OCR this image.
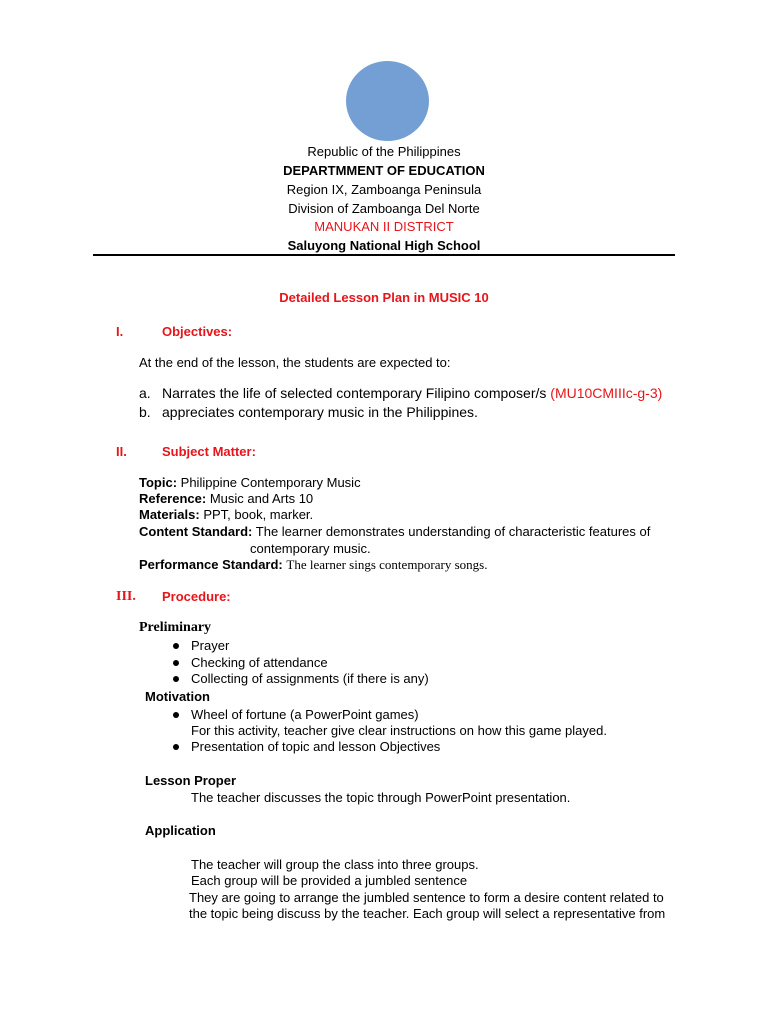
Republic of the Philippines
DEPARTMMENT OF EDUCATION
Region IX, Zamboanga Peninsula
Division of Zamboanga Del Norte
MANUKAN II DISTRICT
Saluyong National High School
Detailed Lesson Plan in MUSIC 10
I.	Objectives:
At the end of the lesson, the students are expected to:
a. Narrates the life of selected contemporary Filipino composer/s (MU10CMIIIc-g-3)
b. appreciates contemporary music in the Philippines.
II.	Subject Matter:
Topic: Philippine Contemporary Music
Reference: Music and Arts 10
Materials: PPT, book, marker.
Content Standard: The learner demonstrates understanding of characteristic features of
contemporary music.
Performance Standard: The learner sings contemporary songs.
III. Procedure:
Preliminary
Prayer
Checking of attendance
Collecting of assignments (if there is any)
Motivation
Wheel of fortune (a PowerPoint games)
For this activity, teacher give clear instructions on how this game played.
Presentation of topic and lesson Objectives
Lesson Proper
The teacher discusses the topic through PowerPoint presentation.
Application
The teacher will group the class into three groups.
Each group will be provided a jumbled sentence
They are going to arrange the jumbled sentence to form a desire content related to
the topic being discuss by the teacher. Each group will select a representative from
